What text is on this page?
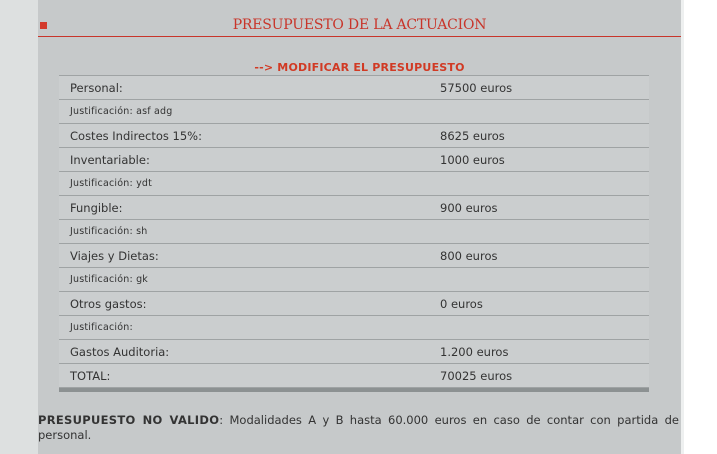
PRESUPUESTO DE LA ACTUACION
--> MODIFICAR EL PRESUPUESTO
Personal:	57500 euros
Justificación: asf adg
Costes Indirectos 15%:	8625 euros
Inventariable:	1000 euros
Justificación: ydt
Fungible:	900 euros
Justificación: sh
Viajes y Dietas:	800 euros
Justificación: gk
Otros gastos:	0 euros
Justificación:
Gastos Auditoria:	1.200 euros
TOTAL:	70025 euros
PRESUPUESTO NO VALIDO: Modalidades A y B hasta 60.000 euros en caso de contar con partida de personal.
